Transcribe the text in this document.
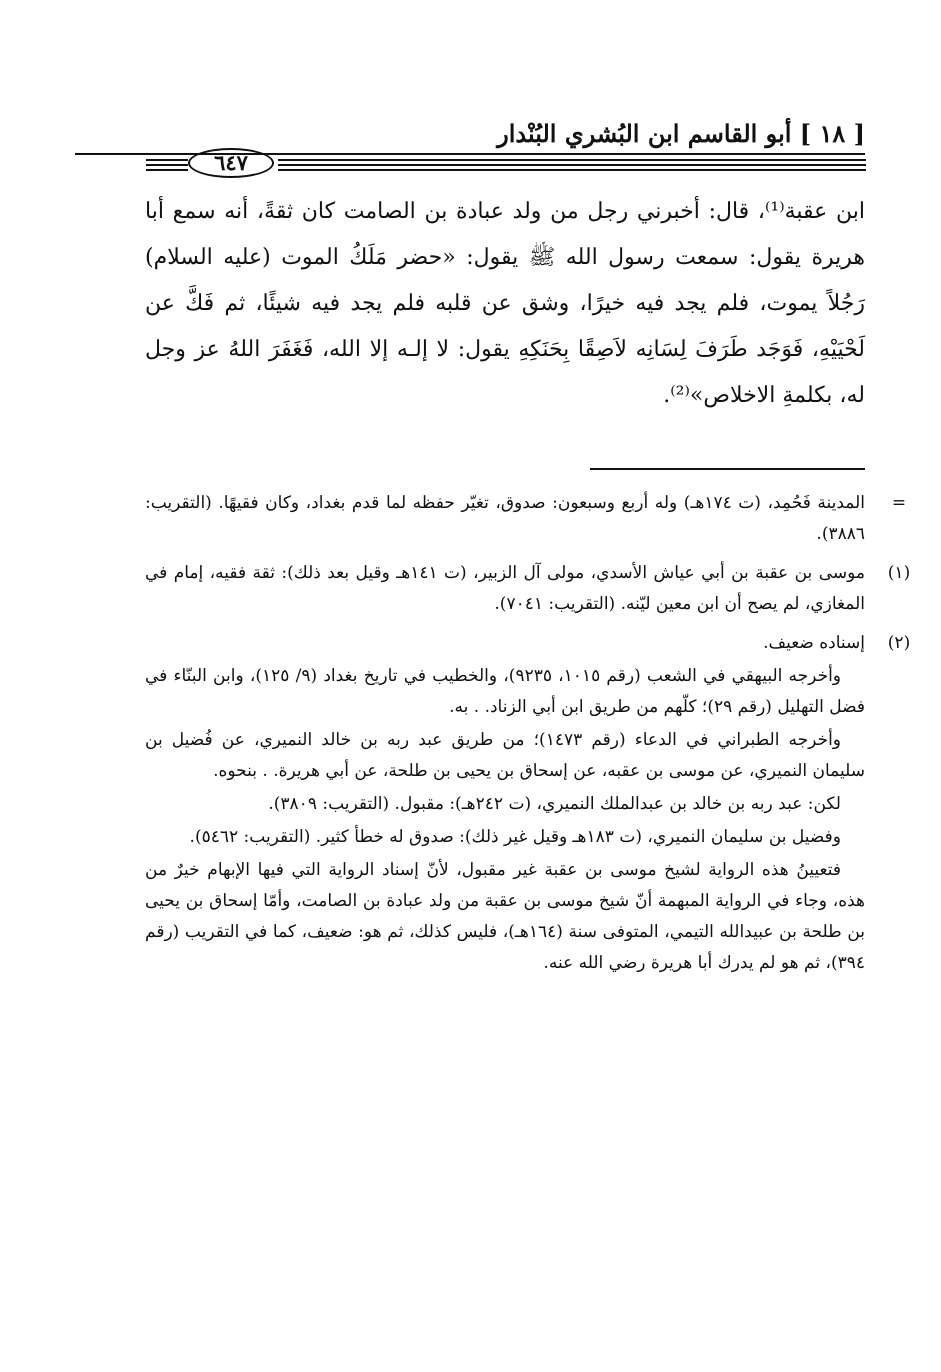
[ ١٨ ] أبو القاسم ابن البُشري البُنْدار
٦٤٧

ابن عقبة⁽¹⁾، قال: أخبرني رجل من ولد عبادة بن الصامت كان ثقةً، أنه سمع أبا هريرة يقول: سمعت رسول الله ﷺ يقول: «حضر مَلَكُ الموت (عليه السلام) رَجُلاً يموت، فلم يجد فيه خيرًا، وشق عن قلبه فلم يجد فيه شيئًا، ثم فَكَّ عن لَحْيَيْهِ، فَوَجَد طَرَفَ لِسَانِه لاَصِقًا بِحَنَكِهِ يقول: لا إلـه إلا الله، فَغَفَرَ اللهُ عز وجل له، بكلمةِ الاخلاص»⁽²⁾.

=

المدينة فَحُمِد، (ت ١٧٤هـ) وله أربع وسبعون: صدوق، تغيّر حفظه لما قدم بغداد، وكان فقيهًا. (التقريب: ٣٨٨٦).

(١)

موسى بن عقبة بن أبي عياش الأسدي، مولى آل الزبير، (ت ١٤١هـ وقيل بعد ذلك): ثقة فقيه، إمام في المغازي، لم يصح أن ابن معين ليّنه. (التقريب: ٧٠٤١).

(٢)

إسناده ضعيف.

وأخرجه البيهقي في الشعب (رقم ١٠١٥، ٩٢٣٥)، والخطيب في تاريخ بغداد (٩/ ١٢٥)، وابن البنّاء في فضل التهليل (رقم ٢٩)؛ كلّهم من طريق ابن أبي الزناد. . به.

وأخرجه الطبراني في الدعاء (رقم ١٤٧٣)؛ من طريق عبد ربه بن خالد النميري، عن فُضيل بن سليمان النميري، عن موسى بن عقبه، عن إسحاق بن يحيى بن طلحة، عن أبي هريرة. . بنحوه.

لكن: عبد ربه بن خالد بن عبدالملك النميري، (ت ٢٤٢هـ): مقبول. (التقريب: ٣٨٠٩).

وفضيل بن سليمان النميري، (ت ١٨٣هـ وقيل غير ذلك): صدوق له خطأ كثير. (التقريب: ٥٤٦٢).

فتعيينُ هذه الرواية لشيخ موسى بن عقبة غير مقبول، لأنّ إسناد الرواية التي فيها الإبهام خيرٌ من هذه، وجاء في الرواية المبهمة أنّ شيخ موسى بن عقبة من ولد عبادة بن الصامت، وأمّا إسحاق بن يحيى بن طلحة بن عبيدالله التيمي، المتوفى سنة (١٦٤هـ)، فليس كذلك، ثم هو: ضعيف، كما في التقريب (رقم ٣٩٤)، ثم هو لم يدرك أبا هريرة رضي الله عنه.
